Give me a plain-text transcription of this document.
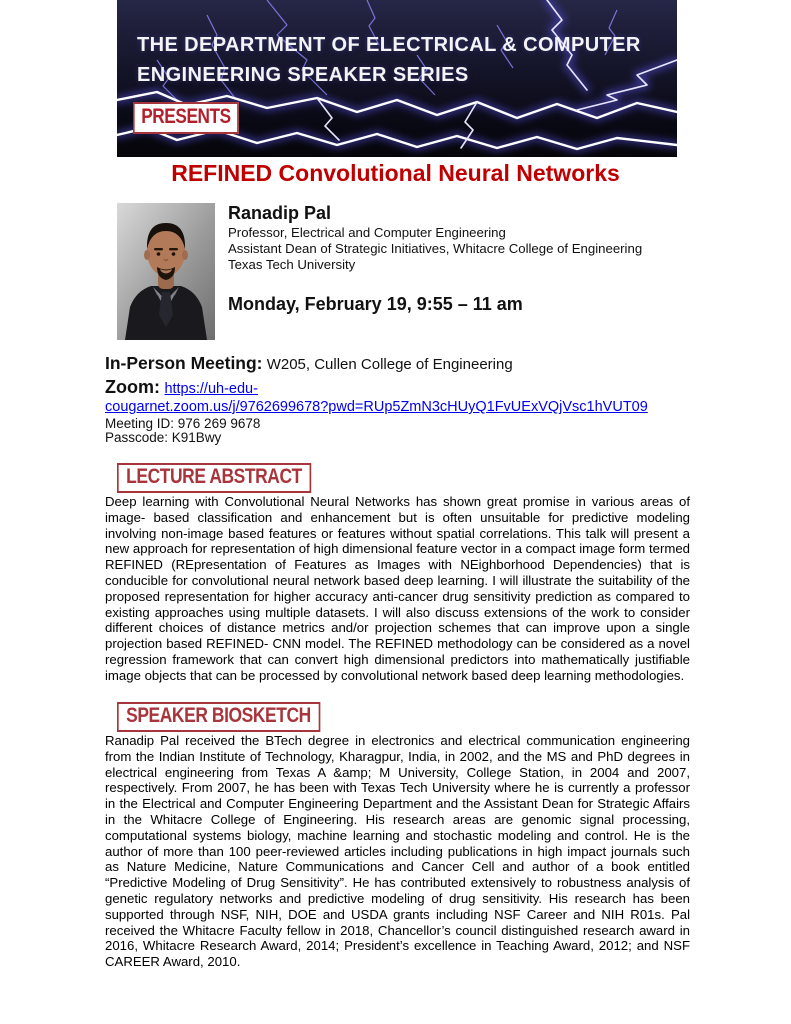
THE DEPARTMENT OF ELECTRICAL & COMPUTER
ENGINEERING SPEAKER SERIES
PRESENTS
REFINED Convolutional Neural Networks
Ranadip Pal
Professor, Electrical and Computer Engineering
Assistant Dean of Strategic Initiatives, Whitacre College of Engineering
Texas Tech University
Monday, February 19, 9:55 – 11 am
In-Person Meeting: W205, Cullen College of Engineering
Zoom: https://uh-edu-
cougarnet.zoom.us/j/9762699678?pwd=RUp5ZmN3cHUyQ1FvUExVQjVsc1hVUT09
Meeting ID: 976 269 9678
Passcode: K91Bwy
LECTURE ABSTRACT
Deep learning with Convolutional Neural Networks has shown great promise in various areas of image- based classification and enhancement but is often unsuitable for predictive modeling involving non-image based features or features without spatial correlations. This talk will present a new approach for representation of high dimensional feature vector in a compact image form termed REFINED (REpresentation of Features as Images with NEighborhood Dependencies) that is conducible for convolutional neural network based deep learning. I will illustrate the suitability of the proposed representation for higher accuracy anti-cancer drug sensitivity prediction as compared to existing approaches using multiple datasets. I will also discuss extensions of the work to consider different choices of distance metrics and/or projection schemes that can improve upon a single projection based REFINED- CNN model. The REFINED methodology can be considered as a novel regression framework that can convert high dimensional predictors into mathematically justifiable image objects that can be processed by convolutional network based deep learning methodologies.
SPEAKER BIOSKETCH
Ranadip Pal received the BTech degree in electronics and electrical communication engineering from the Indian Institute of Technology, Kharagpur, India, in 2002, and the MS and PhD degrees in electrical engineering from Texas A &amp; M University, College Station, in 2004 and 2007, respectively. From 2007, he has been with Texas Tech University where he is currently a professor in the Electrical and Computer Engineering Department and the Assistant Dean for Strategic Affairs in the Whitacre College of Engineering. His research areas are genomic signal processing, computational systems biology, machine learning and stochastic modeling and control. He is the author of more than 100 peer-reviewed articles including publications in high impact journals such as Nature Medicine, Nature Communications and Cancer Cell and author of a book entitled “Predictive Modeling of Drug Sensitivity”. He has contributed extensively to robustness analysis of genetic regulatory networks and predictive modeling of drug sensitivity. His research has been supported through NSF, NIH, DOE and USDA grants including NSF Career and NIH R01s. Pal received the Whitacre Faculty fellow in 2018, Chancellor’s council distinguished research award in 2016, Whitacre Research Award, 2014; President’s excellence in Teaching Award, 2012; and NSF CAREER Award, 2010.
